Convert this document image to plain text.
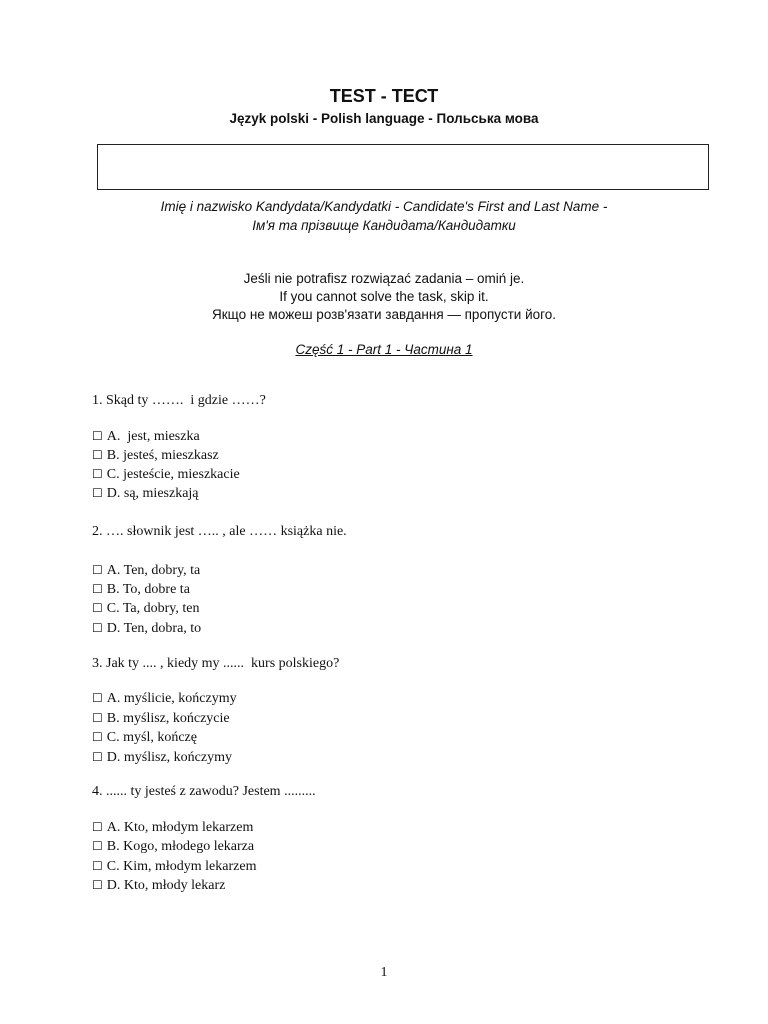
TEST - ТЕСТ
Język polski - Polish language - Польська мова
Imię i nazwisko Kandydata/Kandydatki - Candidate's First and Last Name -
Ім'я та прізвище Кандидата/Кандидатки
Jeśli nie potrafisz rozwiązać zadania – omiń je.
If you cannot solve the task, skip it.
Якщо не можеш розв'язати завдання — пропусти його.
Część 1 - Part 1 - Частина 1
1. Skąd ty …….  i gdzie ……?
☐ A.  jest, mieszka
☐ B. jesteś, mieszkasz
☐ C. jesteście, mieszkacie
☐ D. są, mieszkają
2. …. słownik jest ….. , ale …… książka nie.
☐ A. Ten, dobry, ta
☐ B. To, dobre ta
☐ C. Ta, dobry, ten
☐ D. Ten, dobra, to
3. Jak ty .... , kiedy my ......  kurs polskiego?
☐ A. myślicie, kończymy
☐ B. myślisz, kończycie
☐ C. myśl, kończę
☐ D. myślisz, kończymy
4. ...... ty jesteś z zawodu? Jestem .........
☐ A. Kto, młodym lekarzem
☐ B. Kogo, młodego lekarza
☐ C. Kim, młodym lekarzem
☐ D. Kto, młody lekarz
1
